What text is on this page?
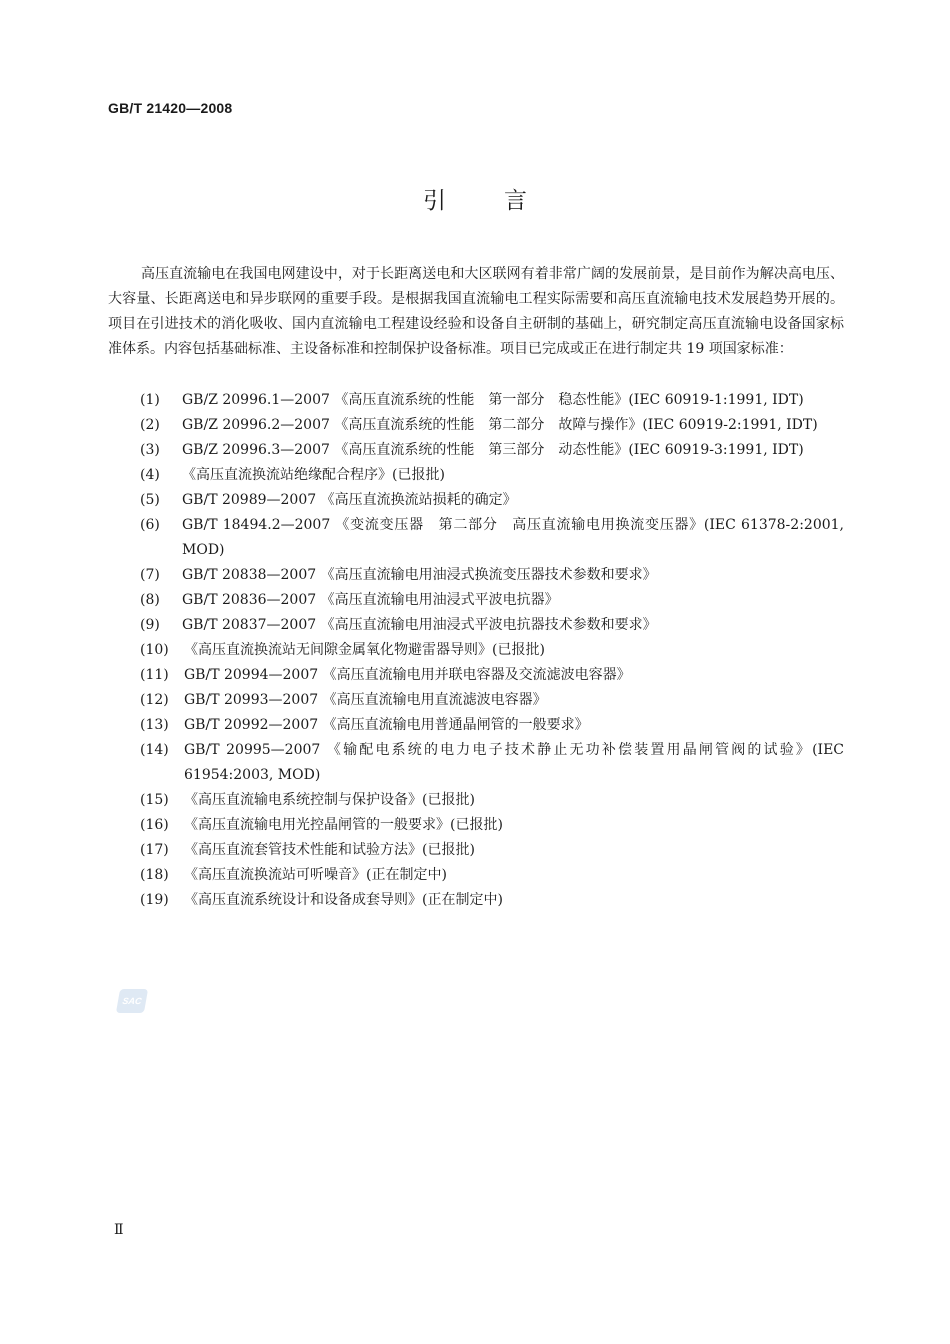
GB/T 21420—2008
引言

高压直流输电在我国电网建设中，对于长距离送电和大区联网有着非常广阔的发展前景，是目前作为解决高电压、大容量、长距离送电和异步联网的重要手段。是根据我国直流输电工程实际需要和高压直流输电技术发展趋势开展的。项目在引进技术的消化吸收、国内直流输电工程建设经验和设备自主研制的基础上，研究制定高压直流输电设备国家标准体系。内容包括基础标准、主设备标准和控制保护设备标准。项目已完成或正在进行制定共 19 项国家标准：

(1)	GB/Z 20996.1—2007 《高压直流系统的性能　第一部分　稳态性能》(IEC 60919-1:1991, IDT)
(2)	GB/Z 20996.2—2007 《高压直流系统的性能　第二部分　故障与操作》(IEC 60919-2:1991, IDT)
(3)	GB/Z 20996.3—2007 《高压直流系统的性能　第三部分　动态性能》(IEC 60919-3:1991, IDT)
(4)	《高压直流换流站绝缘配合程序》(已报批)
(5)	GB/T 20989—2007 《高压直流换流站损耗的确定》
(6)	GB/T 18494.2—2007 《变流变压器　第二部分　高压直流输电用换流变压器》(IEC 61378-2:2001, MOD)
(7)	GB/T 20838—2007 《高压直流输电用油浸式换流变压器技术参数和要求》
(8)	GB/T 20836—2007 《高压直流输电用油浸式平波电抗器》
(9)	GB/T 20837—2007 《高压直流输电用油浸式平波电抗器技术参数和要求》
(10)	《高压直流换流站无间隙金属氧化物避雷器导则》(已报批)
(11)	GB/T 20994—2007 《高压直流输电用并联电容器及交流滤波电容器》
(12)	GB/T 20993—2007 《高压直流输电用直流滤波电容器》
(13)	GB/T 20992—2007 《高压直流输电用普通晶闸管的一般要求》
(14)	GB/T 20995—2007 《输配电系统的电力电子技术静止无功补偿装置用晶闸管阀的试验》(IEC 61954:2003, MOD)
(15)	《高压直流输电系统控制与保护设备》(已报批)
(16)	《高压直流输电用光控晶闸管的一般要求》(已报批)
(17)	《高压直流套管技术性能和试验方法》(已报批)
(18)	《高压直流换流站可听噪音》(正在制定中)
(19)	《高压直流系统设计和设备成套导则》(正在制定中)
SAC
Ⅱ
